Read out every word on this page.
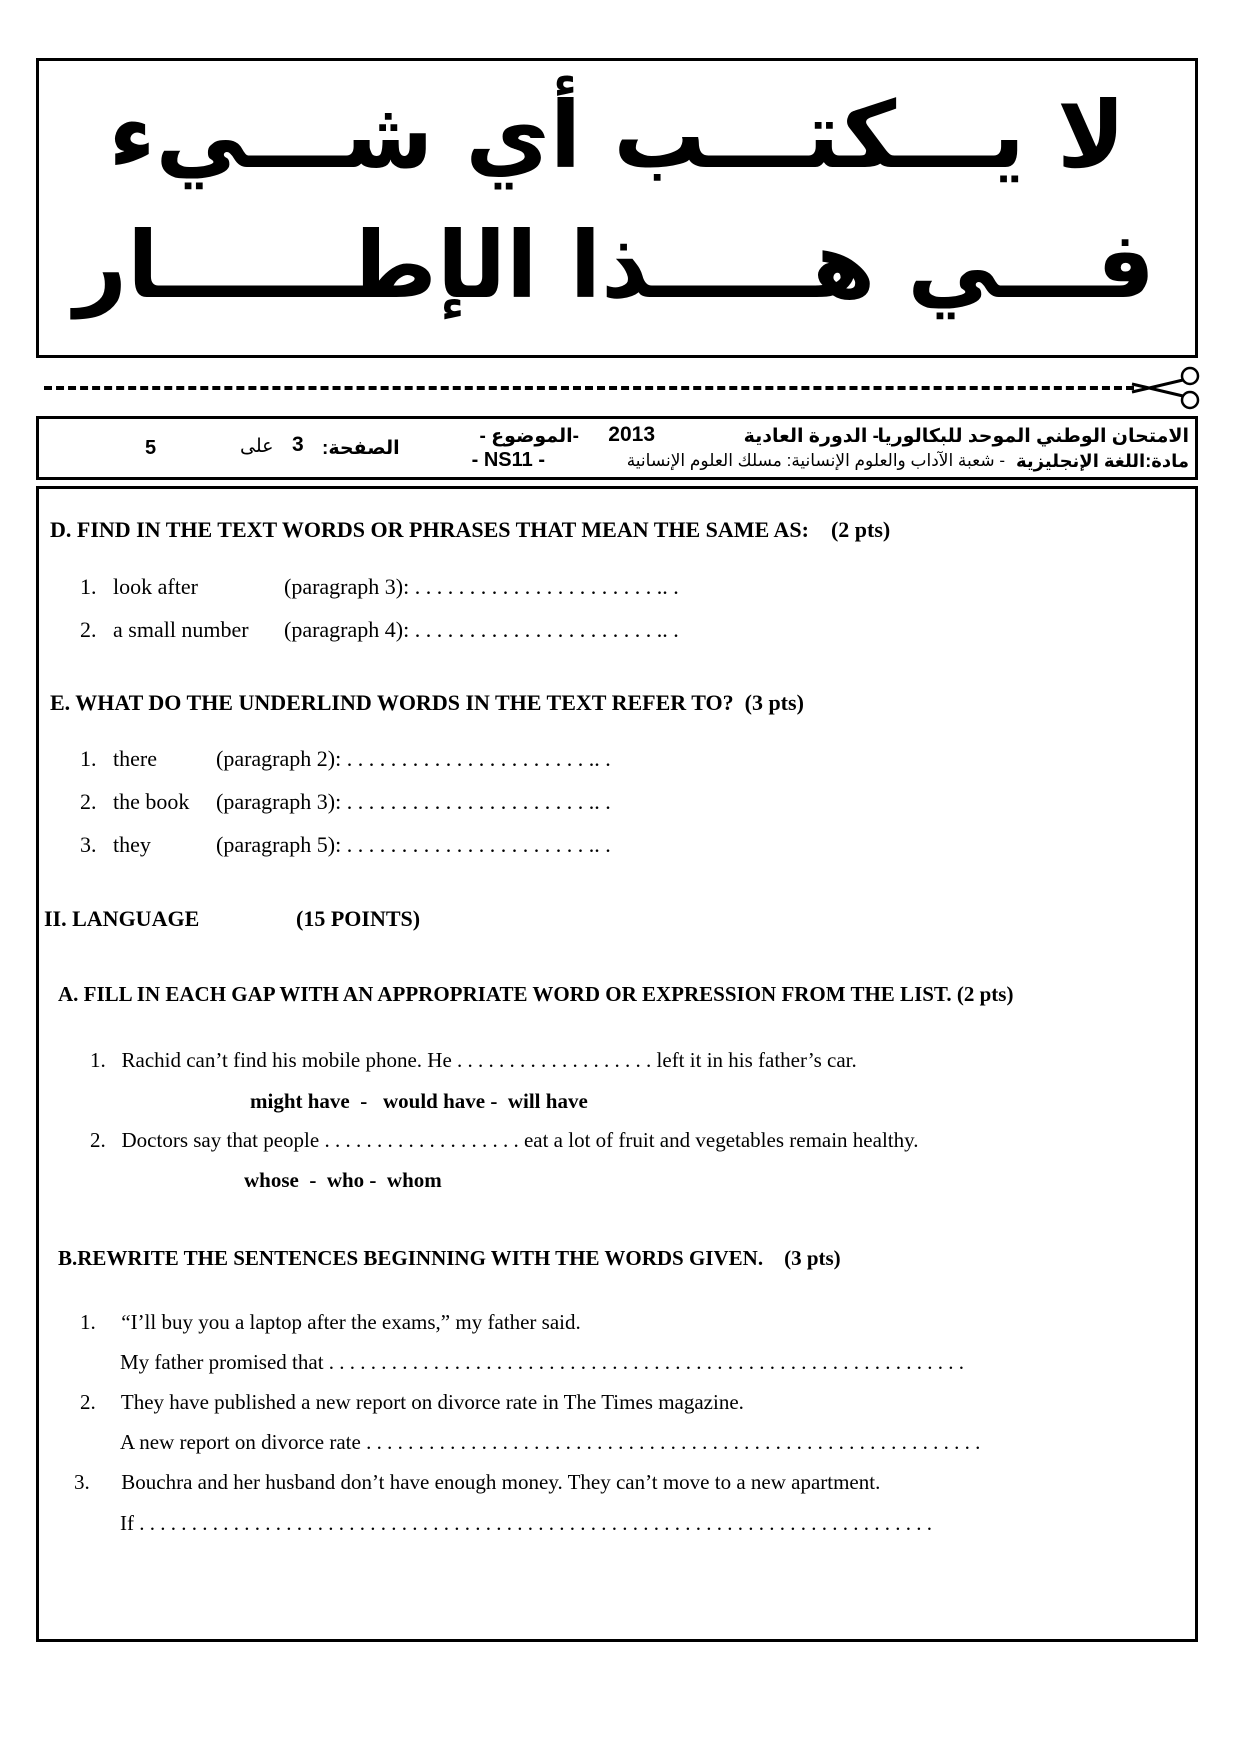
لا يـــكتـــب أي شـــيء
فـــي هـــــذا الإطــــــار
الامتحان الوطني الموحد للبكالوريا
- الدورة العادية
2013
-الموضوع -
مادة:اللغة الإنجليزية
- شعبة الآداب والعلوم الإنسانية: مسلك العلوم الإنسانية
- NS11 -
الصفحة:
3
على
5
D. FIND IN THE TEXT WORDS OR PHRASES THAT MEAN THE SAME AS: (2 pts)
1. look after	(paragraph 3): . . . . . . . . . . . . . . . . . . . . . . .. .
2. a small number (paragraph 4): . . . . . . . . . . . . . . . . . . . . . . .. .
E. WHAT DO THE UNDERLIND WORDS IN THE TEXT REFER TO? (3 pts)
1. there	(paragraph 2): . . . . . . . . . . . . . . . . . . . . . . .. .
2. the book (paragraph 3): . . . . . . . . . . . . . . . . . . . . . . .. .
3. they	(paragraph 5): . . . . . . . . . . . . . . . . . . . . . . .. .
II. LANGUAGE	(15 POINTS)
A. FILL IN EACH GAP WITH AN APPROPRIATE WORD OR EXPRESSION FROM THE LIST. (2 pts)
1. Rachid can’t find his mobile phone. He . . . . . . . . . . . . . . . . . . . left it in his father’s car.
might have  -   would have -  will have
2. Doctors say that people . . . . . . . . . . . . . . . . . . . eat a lot of fruit and vegetables remain healthy.
whose  -  who -  whom
B.REWRITE THE SENTENCES BEGINNING WITH THE WORDS GIVEN. (3 pts)
1. “I’ll buy you a laptop after the exams,” my father said.
My father promised that . . . . . . . . . . . . . . . . . . . . . . . . . . . . . . . . . . . . . . . . . . . . . . . . . . . . . . . . . . . . .
2. They have published a new report on divorce rate in The Times magazine.
A new report on divorce rate . . . . . . . . . . . . . . . . . . . . . . . . . . . . . . . . . . . . . . . . . . . . . . . . . . . . . . . . . . .
3. Bouchra and her husband don’t have enough money. They can’t move to a new apartment.
If . . . . . . . . . . . . . . . . . . . . . . . . . . . . . . . . . . . . . . . . . . . . . . . . . . . . . . . . . . . . . . . . . . . . . . . . . . . .
